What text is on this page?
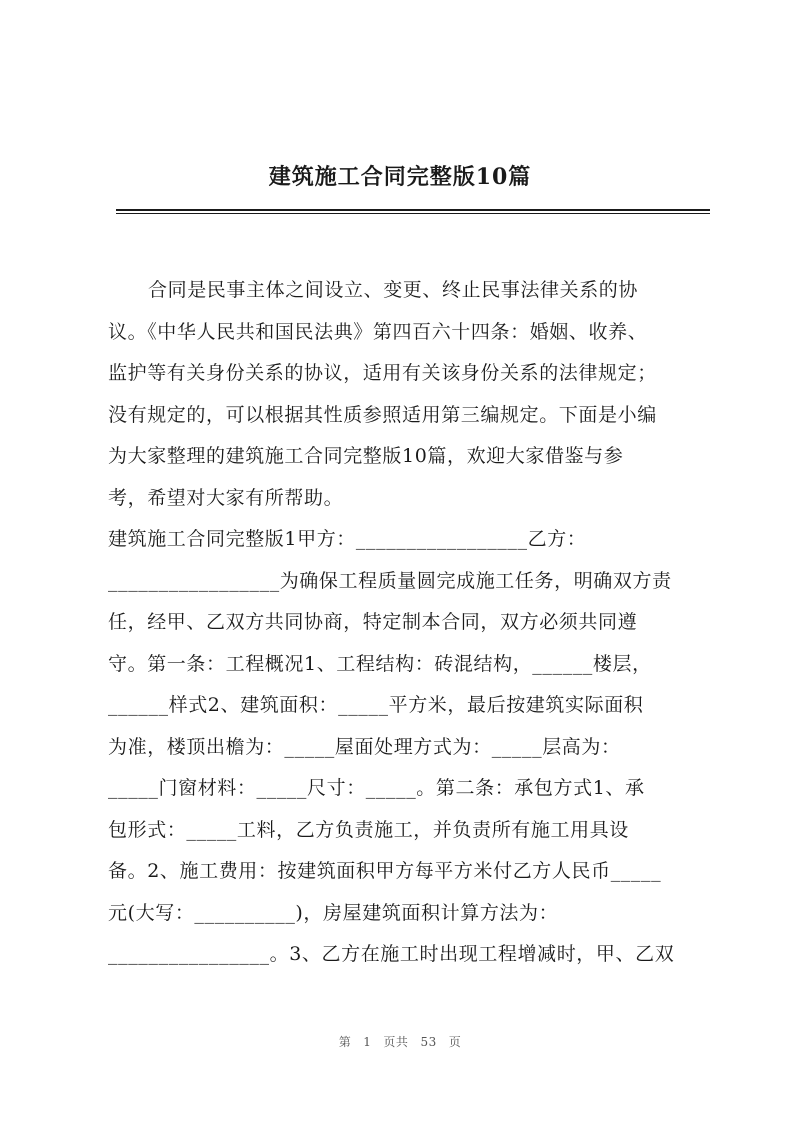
建筑施工合同完整版10篇
合同是民事主体之间设立、变更、终止民事法律关系的协
议。《中华人民共和国民法典》第四百六十四条：婚姻、收养、
监护等有关身份关系的协议，适用有关该身份关系的法律规定；
没有规定的，可以根据其性质参照适用第三编规定。下面是小编
为大家整理的建筑施工合同完整版10篇，欢迎大家借鉴与参
考，希望对大家有所帮助。
建筑施工合同完整版1甲方：_________________乙方：
_________________为确保工程质量圆完成施工任务，明确双方责
任，经甲、乙双方共同协商，特定制本合同，双方必须共同遵
守。第一条：工程概况1、工程结构：砖混结构，______楼层，
______样式2、建筑面积：_____平方米，最后按建筑实际面积
为准，楼顶出檐为：_____屋面处理方式为：_____层高为：
_____门窗材料：_____尺寸：_____。第二条：承包方式1、承
包形式：_____工料，乙方负责施工，并负责所有施工用具设
备。2、施工费用：按建筑面积甲方每平方米付乙方人民币_____
元(大写：__________)，房屋建筑面积计算方法为：
________________。3、乙方在施工时出现工程增减时，甲、乙双
第 1 页共 53 页
